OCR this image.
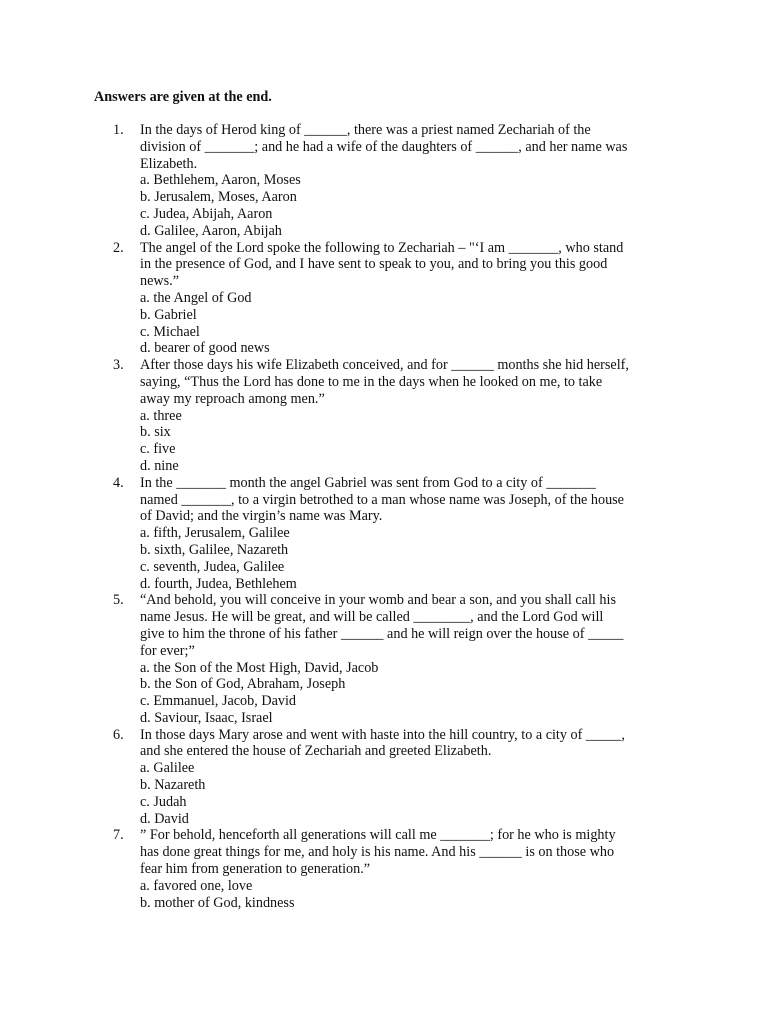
Answers are given at the end.
1. In the days of Herod king of ______, there was a priest named Zechariah of the
division of _______; and he had a wife of the daughters of ______, and her name was
Elizabeth.
a. Bethlehem, Aaron, Moses
b. Jerusalem, Moses, Aaron
c. Judea, Abijah, Aaron
d. Galilee, Aaron, Abijah
2. The angel of the Lord spoke the following to Zechariah – "‘I am _______, who stand
in the presence of God, and I have sent to speak to you, and to bring you this good
news.”
a. the Angel of God
b. Gabriel
c. Michael
d. bearer of good news
3. After those days his wife Elizabeth conceived, and for ______ months she hid herself,
saying, “Thus the Lord has done to me in the days when he looked on me, to take
away my reproach among men.”
a. three
b. six
c. five
d. nine
4. In the _______ month the angel Gabriel was sent from God to a city of _______
named _______, to a virgin betrothed to a man whose name was Joseph, of the house
of David; and the virgin’s name was Mary.
a. fifth, Jerusalem, Galilee
b. sixth, Galilee, Nazareth
c. seventh, Judea, Galilee
d. fourth, Judea, Bethlehem
5. “And behold, you will conceive in your womb and bear a son, and you shall call his
name Jesus. He will be great, and will be called ________, and the Lord God will
give to him the throne of his father ______ and he will reign over the house of _____
for ever;”
a. the Son of the Most High, David, Jacob
b. the Son of God, Abraham, Joseph
c. Emmanuel, Jacob, David
d. Saviour, Isaac, Israel
6. In those days Mary arose and went with haste into the hill country, to a city of _____,
and she entered the house of Zechariah and greeted Elizabeth.
a. Galilee
b. Nazareth
c. Judah
d. David
7. ” For behold, henceforth all generations will call me _______; for he who is mighty
has done great things for me, and holy is his name. And his ______ is on those who
fear him from generation to generation.”
a. favored one, love
b. mother of God, kindness
